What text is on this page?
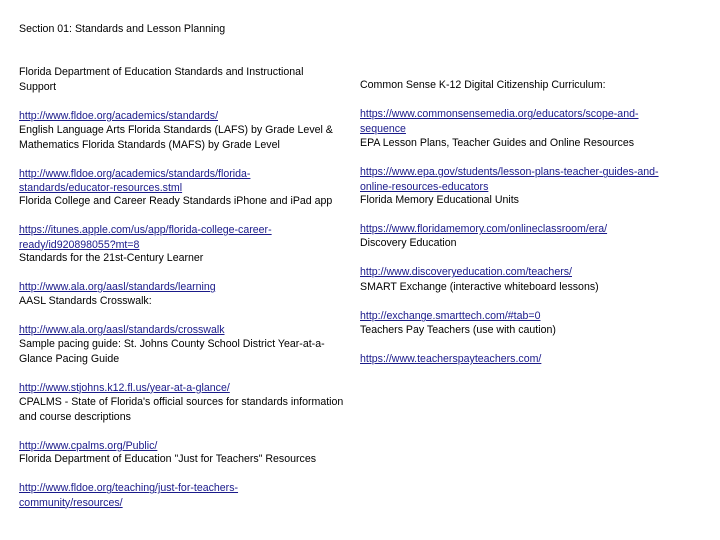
Section 01: Standards and Lesson Planning

Florida Department of Education Standards and Instructional
Support

http://www.fldoe.org/academics/standards/

English Language Arts Florida Standards (LAFS) by Grade Level &
Mathematics Florida Standards (MAFS) by Grade Level

http://www.fldoe.org/academics/standards/florida-
standards/educator-resources.stml

Florida College and Career Ready Standards iPhone and iPad app

https://itunes.apple.com/us/app/florida-college-career-
ready/id920898055?mt=8

Standards for the 21st-Century Learner

http://www.ala.org/aasl/standards/learning

AASL Standards Crosswalk:

http://www.ala.org/aasl/standards/crosswalk

Sample pacing guide: St. Johns County School District Year-at-a-
Glance Pacing Guide

http://www.stjohns.k12.fl.us/year-at-a-glance/

CPALMS - State of Florida's official sources for standards information
and course descriptions

http://www.cpalms.org/Public/

Florida Department of Education "Just for Teachers" Resources

http://www.fldoe.org/teaching/just-for-teachers-
community/resources/

Common Sense K-12 Digital Citizenship Curriculum:

https://www.commonsensemedia.org/educators/scope-and-
sequence

EPA Lesson Plans, Teacher Guides and Online Resources

https://www.epa.gov/students/lesson-plans-teacher-guides-and-
online-resources-educators

Florida Memory Educational Units

https://www.floridamemory.com/onlineclassroom/era/

Discovery Education

http://www.discoveryeducation.com/teachers/

SMART Exchange (interactive whiteboard lessons)

http://exchange.smarttech.com/#tab=0

Teachers Pay Teachers (use with caution)

https://www.teacherspayteachers.com/
